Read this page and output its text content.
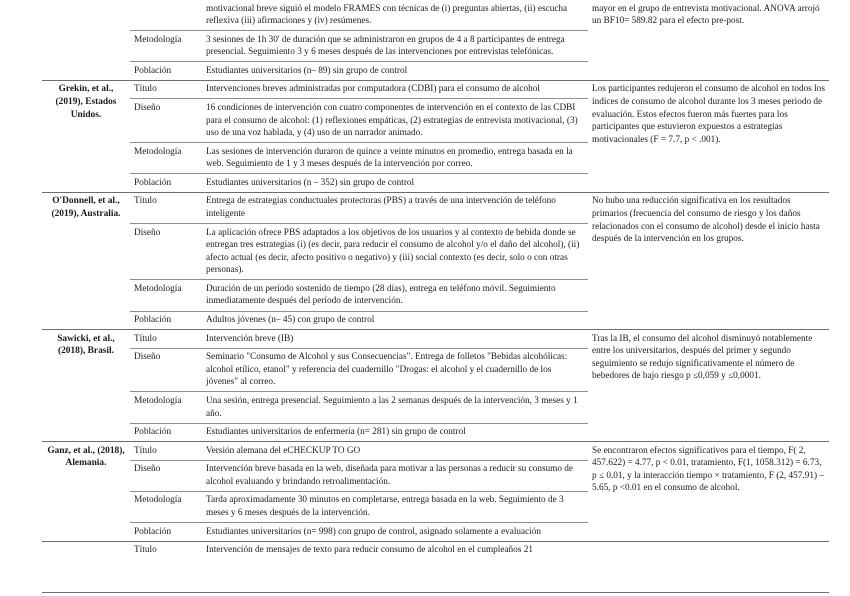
		motivacional breve siguió el modelo FRAMES con técnicas de (i) preguntas abiertas, (ii) escucha reflexiva (iii) afirmaciones y (iv) resúmenes.	mayor en el grupo de entrevista motivacional. ANOVA arrojó un BF10= 589.82 para el efecto pre-post.
	Metodología	3 sesiones de 1h 30' de duración que se administraron en grupos de 4 a 8 participantes de entrega presencial. Seguimiento 3 y 6 meses después de las intervenciones por entrevistas telefónicas.	
	Población	Estudiantes universitarios (n– 89) sin grupo de control	
Grekin, et al., (2019), Estados Unidos.	Título	Intervenciones breves administradas por computadora (CDBI) para el consumo de alcohol	Los participantes redujeron el consumo de alcohol en todos los índices de consumo de alcohol durante los 3 meses periodo de evaluación. Estos efectos fueron más fuertes para los participantes que estuvieron expuestos a estrategias motivacionales (F = 7.7, p < .001).
	Diseño	16 condiciones de intervención con cuatro componentes de intervención en el contexto de las CDBI para el consumo de alcohol: (1) reflexiones empáticas, (2) estrategias de entrevista motivacional, (3) uso de una voz hablada, y (4) uso de un narrador animado.	
	Metodología	Las sesiones de intervención duraron de quince a veinte minutos en promedio, entrega basada en la web. Seguimiento de 1 y 3 meses después de la intervención por correo.	
	Población	Estudiantes universitarios (n – 352) sin grupo de control	
O'Donnell, et al., (2019), Australia.	Título	Entrega de estrategias conductuales protectoras (PBS) a través de una intervención de teléfono inteligente	No hubo una reducción significativa en los resultados primarios (frecuencia del consumo de riesgo y los daños relacionados con el consumo de alcohol) desde el inicio hasta después de la intervención en los grupos.
	Diseño	La aplicación ofrece PBS adaptados a los objetivos de los usuarios y al contexto de bebida donde se entregan tres estrategias (i) (es decir, para reducir el consumo de alcohol y/o el daño del alcohol), (ii) afecto actual (es decir, afecto positivo o negativo) y (iii) social contexto (es decir, solo o con otras personas).	
	Metodología	Duración de un período sostenido de tiempo (28 días), entrega en teléfono móvil. Seguimiento inmediatamente después del período de intervención.	
	Población	Adultos jóvenes (n– 45) con grupo de control	
Sawicki, et al., (2018), Brasil.	Título	Intervención breve (IB)	Tras la IB, el consumo del alcohol disminuyó notablemente entre los universitarios, después del primer y segundo seguimiento se redujo significativamente el número de bebedores de bajo riesgo p ≤0,059 y ≤0,0001.
	Diseño	Seminario "Consumo de Alcohol y sus Consecuencias". Entrega de folletos "Bebidas alcohólicas: alcohol etílico, etanol" y referencia del cuadernillo "Drogas: el alcohol y el cuadernillo de los jóvenes" al correo.	
	Metodología	Una sesión, entrega presencial. Seguimiento a las 2 semanas después de la intervención, 3 meses y 1 año.	
	Población	Estudiantes universitarios de enfermería (n= 281) sin grupo de control	
Ganz, et al., (2018), Alemania.	Título	Versión alemana del eCHECKUP TO GO	Se encontraron efectos significativos para el tiempo, F( 2, 457.622) = 4.77, p < 0.01, tratamiento, F(1, 1058.312) = 6.73, p ≤ 0.01, y la interacción tiempo × tratamiento, F (2, 457.91) – 5.65, p <0.01 en el consumo de alcohol.
	Diseño	Intervención breve basada en la web, diseñada para motivar a las personas a reducir su consumo de alcohol evaluando y brindando retroalimentación.	
	Metodología	Tarda aproximadamente 30 minutos en completarse, entrega basada en la web. Seguimiento de 3 meses y 6 meses después de la intervención.	
	Población	Estudiantes universitarios (n= 998) con grupo de control, asignado solamente a evaluación	
	Título	Intervención de mensajes de texto para reducir consumo de alcohol en el cumpleaños 21	
